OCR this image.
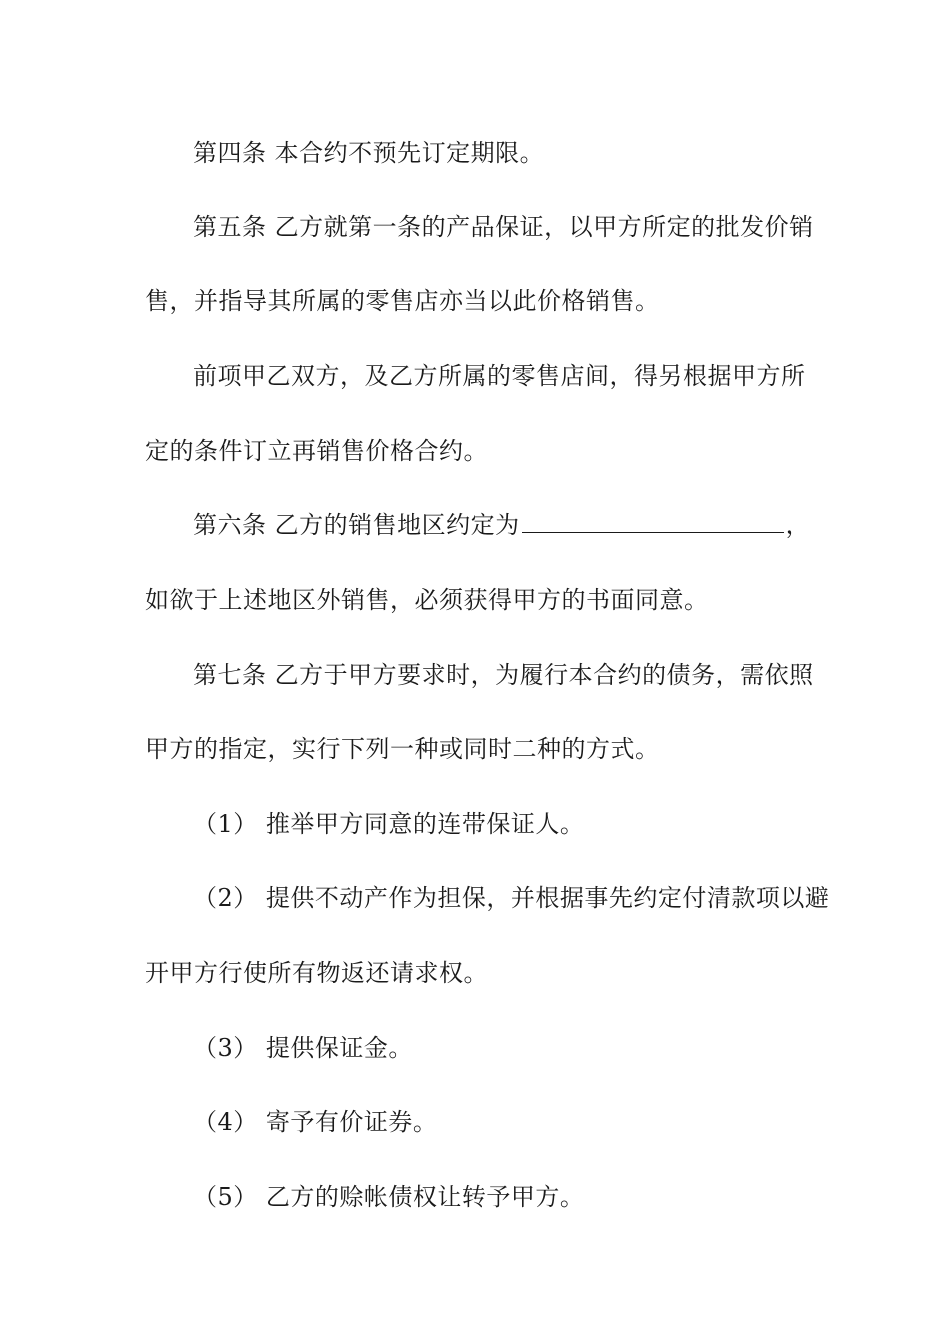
第四条 本合约不预先订定期限。
第五条 乙方就第一条的产品保证，以甲方所定的批发价销
售，并指导其所属的零售店亦当以此价格销售。
前项甲乙双方，及乙方所属的零售店间，得另根据甲方所
定的条件订立再销售价格合约。
第六条 乙方的销售地区约定为	，
如欲于上述地区外销售，必须获得甲方的书面同意。
第七条 乙方于甲方要求时，为履行本合约的债务，需依照
甲方的指定，实行下列一种或同时二种的方式。
（1） 推举甲方同意的连带保证人。
（2） 提供不动产作为担保，并根据事先约定付清款项以避
开甲方行使所有物返还请求权。
（3） 提供保证金。
（4） 寄予有价证券。
（5） 乙方的赊帐债权让转予甲方。
